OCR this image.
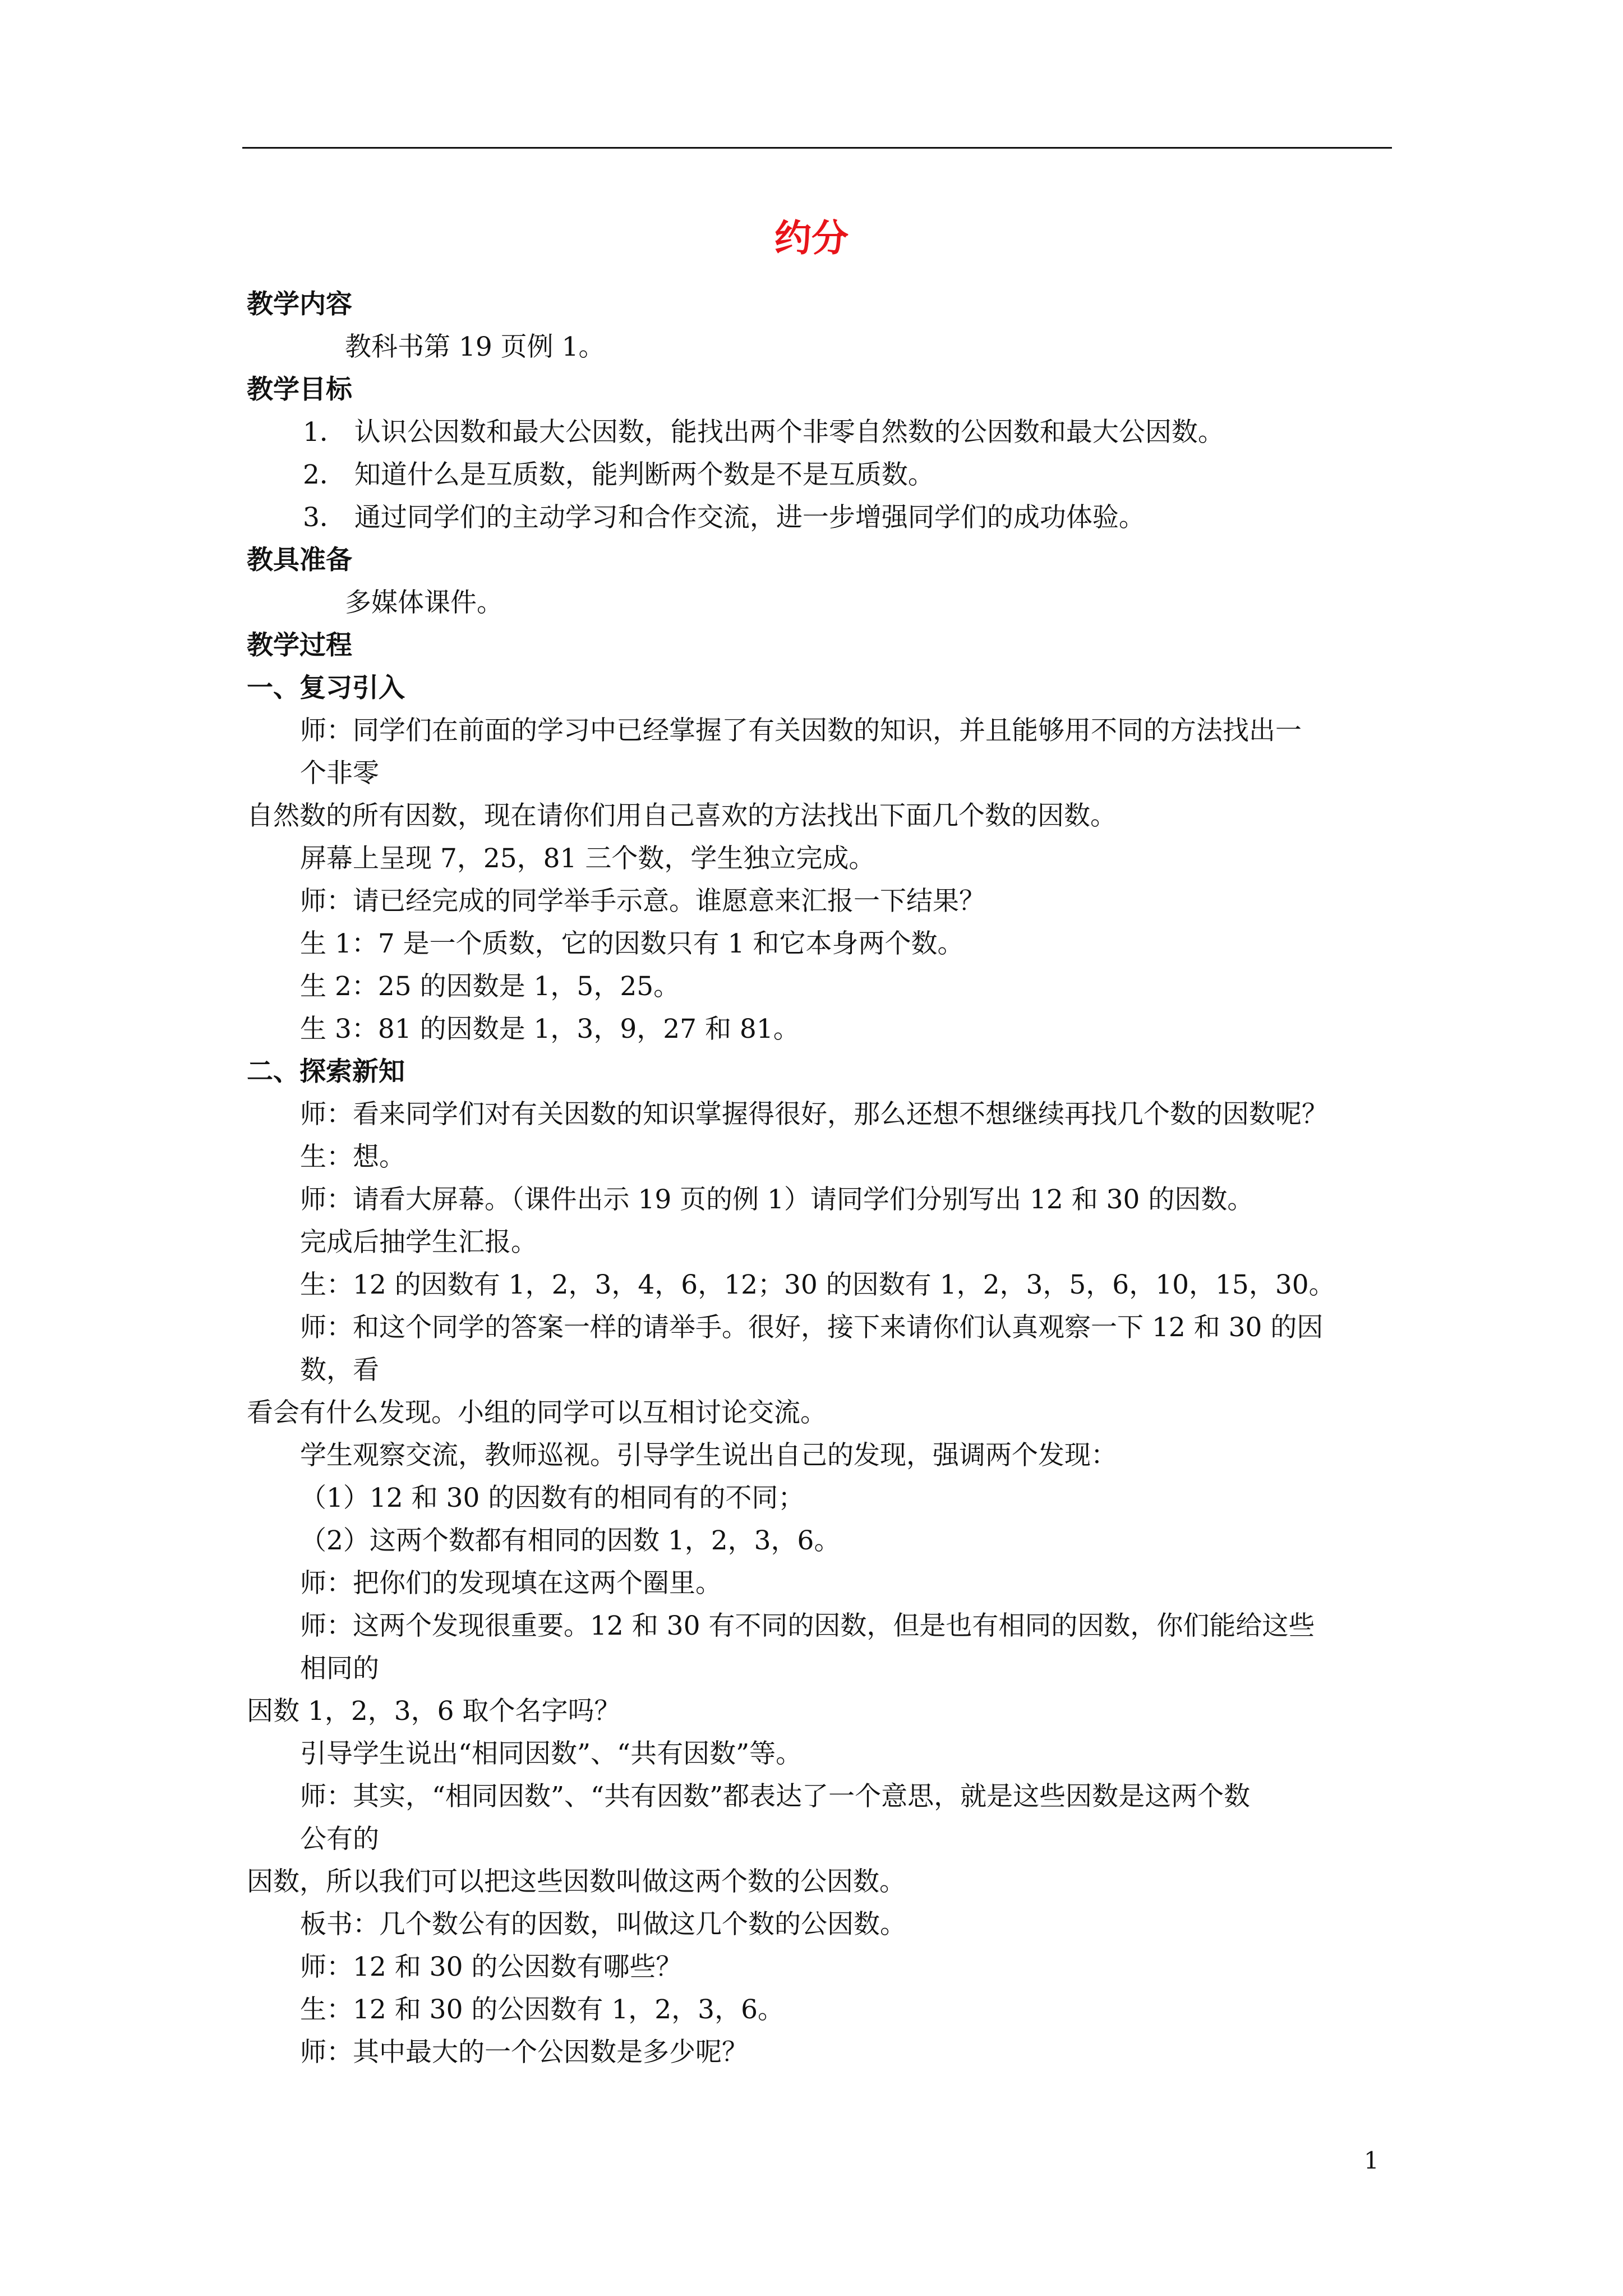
约分
教学内容
教科书第 19 页例 1。
教学目标
1． 认识公因数和最大公因数，能找出两个非零自然数的公因数和最大公因数。
2． 知道什么是互质数，能判断两个数是不是互质数。
3． 通过同学们的主动学习和合作交流，进一步增强同学们的成功体验。
教具准备
多媒体课件。
教学过程
一、复习引入
师：同学们在前面的学习中已经掌握了有关因数的知识，并且能够用不同的方法找出一
个非零
自然数的所有因数，现在请你们用自己喜欢的方法找出下面几个数的因数。
屏幕上呈现 7，25，81 三个数，学生独立完成。
师：请已经完成的同学举手示意。谁愿意来汇报一下结果？
生 1：7 是一个质数，它的因数只有 1 和它本身两个数。
生 2：25 的因数是 1，5，25。
生 3：81 的因数是 1，3，9，27 和 81。
二、探索新知
师：看来同学们对有关因数的知识掌握得很好，那么还想不想继续再找几个数的因数呢？
生：想。
师：请看大屏幕。（课件出示 19 页的例 1）请同学们分别写出 12 和 30 的因数。
完成后抽学生汇报。
生：12 的因数有 1，2，3，4，6，12；30 的因数有 1，2，3，5，6，10，15，30。
师：和这个同学的答案一样的请举手。很好，接下来请你们认真观察一下 12 和 30 的因
数，看
看会有什么发现。小组的同学可以互相讨论交流。
学生观察交流，教师巡视。引导学生说出自己的发现，强调两个发现：
（1）12 和 30 的因数有的相同有的不同；
（2）这两个数都有相同的因数 1，2，3，6。
师：把你们的发现填在这两个圈里。
师：这两个发现很重要。12 和 30 有不同的因数，但是也有相同的因数，你们能给这些
相同的
因数 1，2，3，6 取个名字吗？
引导学生说出“相同因数”、“共有因数”等。
师：其实，“相同因数”、“共有因数”都表达了一个意思，就是这些因数是这两个数
公有的
因数，所以我们可以把这些因数叫做这两个数的公因数。
板书：几个数公有的因数，叫做这几个数的公因数。
师：12 和 30 的公因数有哪些？
生：12 和 30 的公因数有 1，2，3，6。
师：其中最大的一个公因数是多少呢？
1
